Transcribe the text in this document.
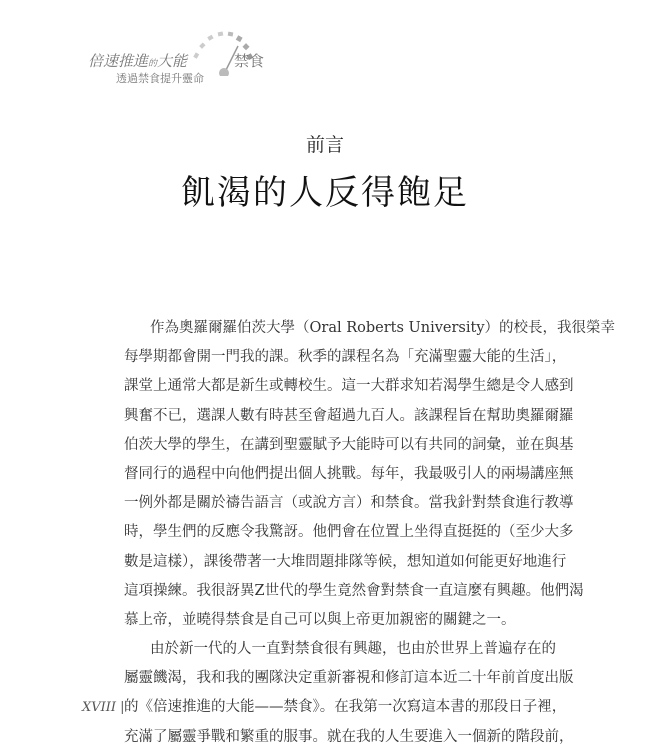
倍速推進的大能	禁食
透過禁食提升靈命
前言
飢渴的人反得飽足
作為奧羅爾羅伯茨大學（Oral Roberts University）的校長，我很榮幸
每學期都會開一門我的課。秋季的課程名為「充滿聖靈大能的生活」，
課堂上通常大都是新生或轉校生。這一大群求知若渴學生總是令人感到
興奮不已，選課人數有時甚至會超過九百人。該課程旨在幫助奧羅爾羅
伯茨大學的學生，在講到聖靈賦予大能時可以有共同的詞彙，並在與基
督同行的過程中向他們提出個人挑戰。每年，我最吸引人的兩場講座無
一例外都是關於禱告語言（或說方言）和禁食。當我針對禁食進行教導
時，學生們的反應令我驚訝。他們會在位置上坐得直挺挺的（至少大多
數是這樣），課後帶著一大堆問題排隊等候，想知道如何能更好地進行
這項操練。我很訝異Z世代的學生竟然會對禁食一直這麼有興趣。他們渴
慕上帝，並曉得禁食是自己可以與上帝更加親密的關鍵之一。
由於新一代的人一直對禁食很有興趣，也由於世界上普遍存在的
屬靈饑渴，我和我的團隊決定重新審視和修訂這本近二十年前首度出版
的《倍速推進的大能——禁食》。在我第一次寫這本書的那段日子裡，
充滿了屬靈爭戰和繁重的服事。就在我的人生要進入一個新的階段前，
XVIII |
